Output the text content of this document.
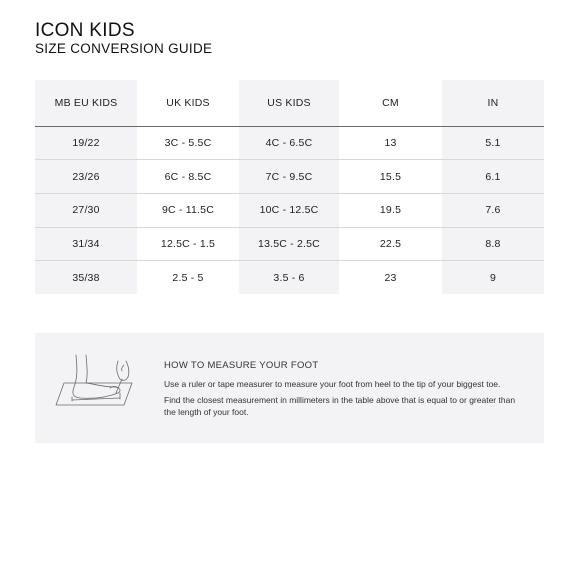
ICON KIDS
SIZE CONVERSION GUIDE
MB EU KIDS	UK KIDS	US KIDS	CM	IN
19/22	3C - 5.5C	4C - 6.5C	13	5.1
23/26	6C - 8.5C	7C - 9.5C	15.5	6.1
27/30	9C - 11.5C	10C - 12.5C	19.5	7.6
31/34	12.5C - 1.5	13.5C - 2.5C	22.5	8.8
35/38	2.5 - 5	3.5 - 6	23	9
HOW TO MEASURE YOUR FOOT
Use a ruler or tape measurer to measure your foot from heel to the tip of your biggest toe.
Find the closest measurement in millimeters in the table above that is equal to or greater than the length of your foot.
